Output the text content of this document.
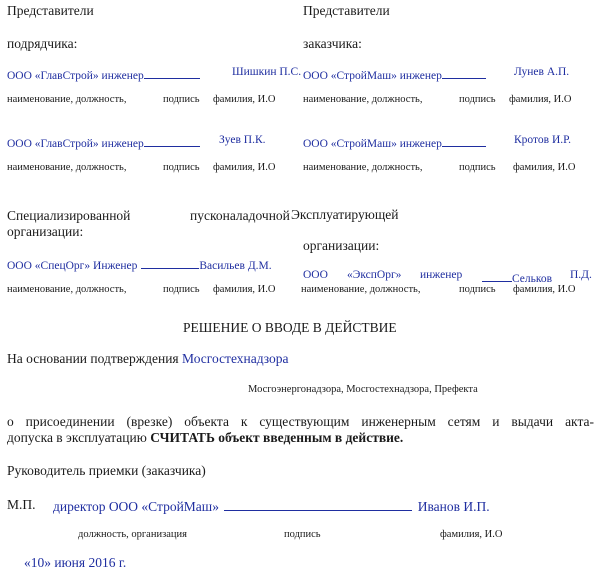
Представители
подрядчика:
Представители
заказчика:
ООО «ГлавСтрой» инженер	Шишкин П.С. ООО «СтройМаш» инженер	Лунев А.П.
наименование, должность,	подпись фамилия, И.О	наименование, должность,	подпись фамилия, И.О
ООО «ГлавСтрой» инженер	Зуев П.К.	ООО «СтройМаш» инженер	Кротов И.Р.
наименование, должность,	подпись фамилия, И.О	наименование, должность,	подпись фамилия, И.О
Специализированной	пусконаладочной
организации:
ООО «СпецОрг» Инженер	Васильев Д.М.
наименование, должность,	подпись фамилия, И.О
Эксплуатирующей
организации:
ООО «ЭкспОрг» инженер	Сельков П.Д.
наименование, должность,	подпись фамилия, И.О
РЕШЕНИЕ О ВВОДЕ В ДЕЙСТВИЕ
На основании подтверждения Мосгостехнадзора
Мосгоэнергонадзора, Мосгостехнадзора, Префекта
о присоединении (врезке) объекта к существующим инженерным сетям и выдачи акта-
допуска в эксплуатацию СЧИТАТЬ объект введенным в действие.
Руководитель приемки (заказчика)
М.П. директор ООО «СтройМаш»	Иванов И.П.
должность, организация	подпись	фамилия, И.О
«10» июня 2016 г.
